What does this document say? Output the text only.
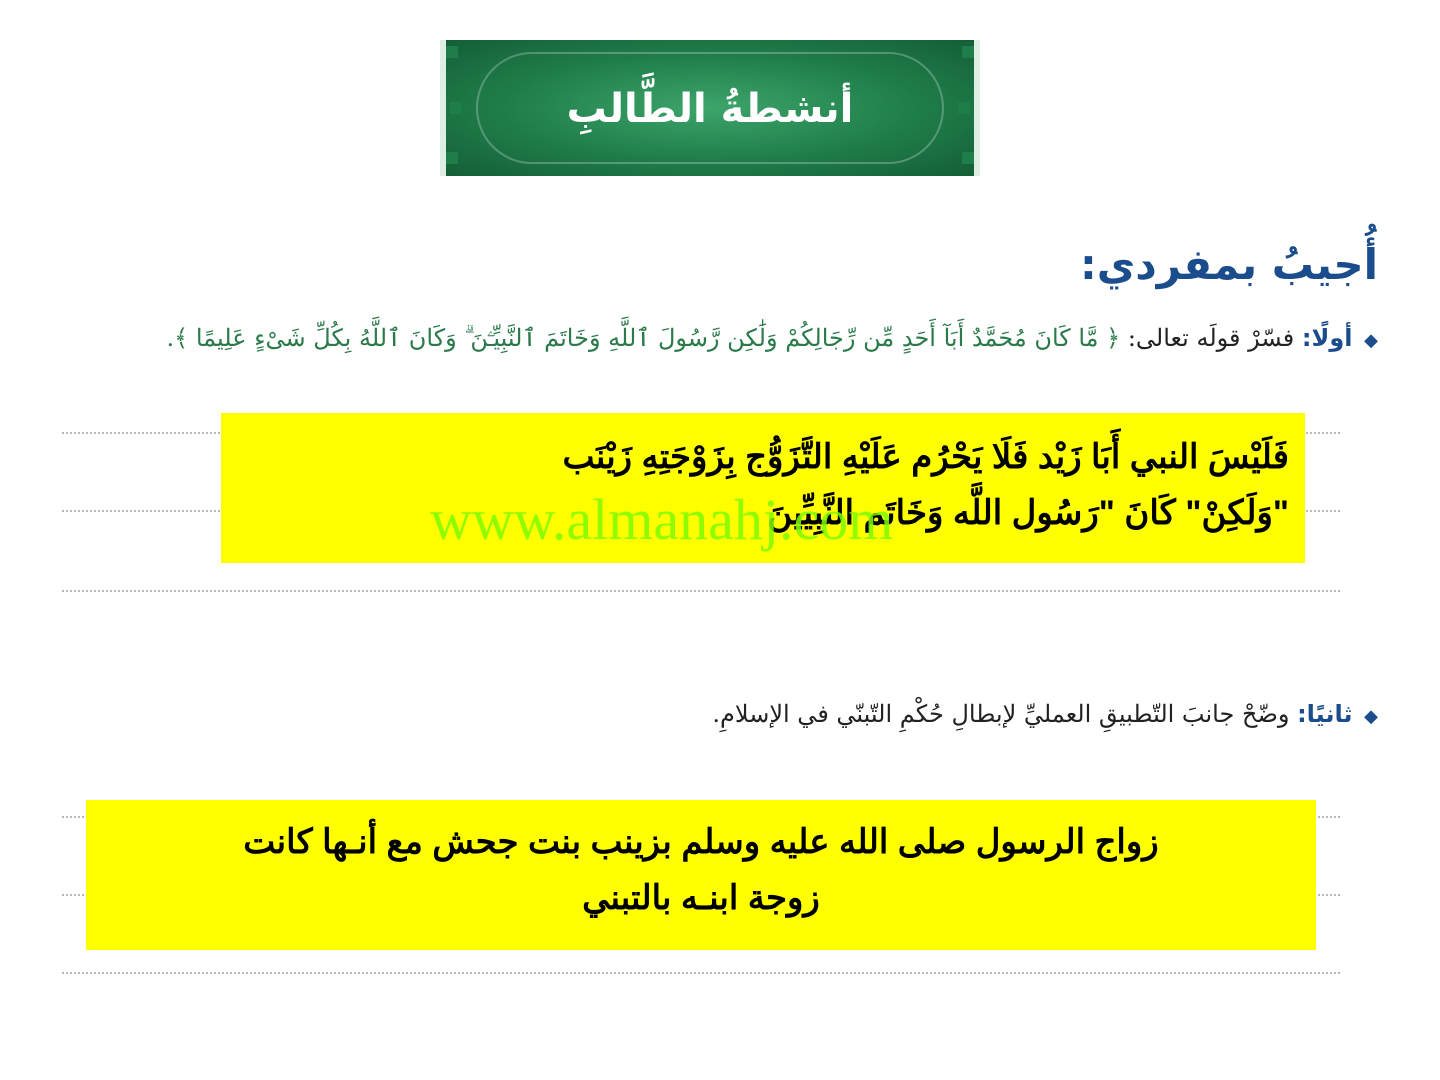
أنشطةُ الطَّالبِ
أُجيبُ بمفردي:
◆ أولًا: فسّرْ قولَه تعالى: ﴿ مَّا كَانَ مُحَمَّدٌ أَبَآ أَحَدٍ مِّن رِّجَالِكُمْ وَلَٰكِن رَّسُولَ ٱللَّهِ وَخَاتَمَ ٱلنَّبِيِّـۧنَ ۗ وَكَانَ ٱللَّهُ بِكُلِّ شَىْءٍ عَلِيمًا ﴾.
فَلَيْسَ النبي أَبَا زَيْد فَلَا يَحْرُم عَلَيْهِ التَّزَوُّج بِزَوْجَتِهِ زَيْنَب
"وَلَكِنْ" كَانَ "رَسُول اللَّه وَخَاتَم النَّبِيِّينَ
www.almanahj.com
◆ ثانيًا: وضّحْ جانبَ التّطبيقِ العمليِّ لإبطالِ حُكْمِ التّبنّي في الإسلامِ.
زواج الرسول صلى الله عليه وسلم بزينب بنت جحش مع أنـها كانت
زوجة ابنـه بالتبني
